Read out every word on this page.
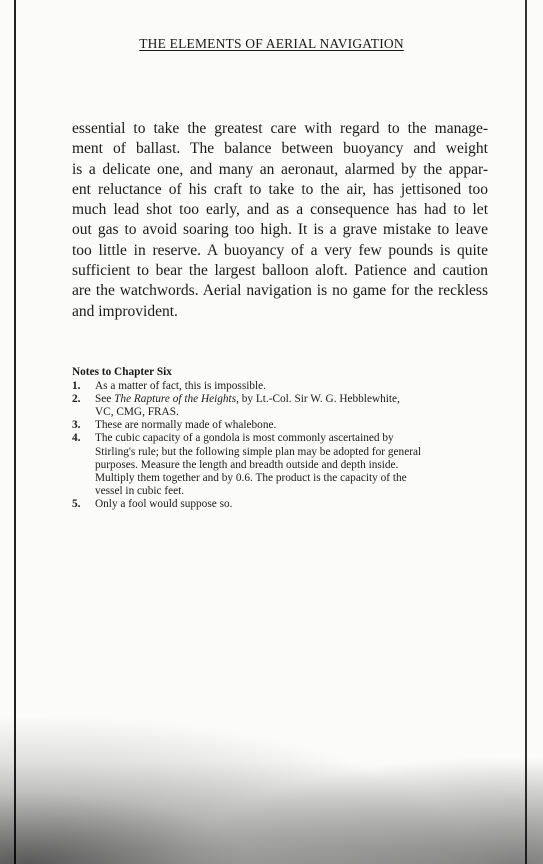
THE ELEMENTS OF AERIAL NAVIGATION
essential to take the greatest care with regard to the manage-
ment of ballast. The balance between buoyancy and weight
is a delicate one, and many an aeronaut, alarmed by the appar-
ent reluctance of his craft to take to the air, has jettisoned too
much lead shot too early, and as a consequence has had to let
out gas to avoid soaring too high. It is a grave mistake to leave
too little in reserve. A buoyancy of a very few pounds is quite
sufficient to bear the largest balloon aloft. Patience and caution
are the watchwords. Aerial navigation is no game for the reckless
and improvident.
Notes to Chapter Six
1.	As a matter of fact, this is impossible.
2.	See The Rapture of the Heights, by Lt.-Col. Sir W. G. Hebblewhite,
VC, CMG, FRAS.
3.	These are normally made of whalebone.
4.	The cubic capacity of a gondola is most commonly ascertained by
Stirling's rule; but the following simple plan may be adopted for general
purposes. Measure the length and breadth outside and depth inside.
Multiply them together and by 0.6. The product is the capacity of the
vessel in cubic feet.
5.	Only a fool would suppose so.
